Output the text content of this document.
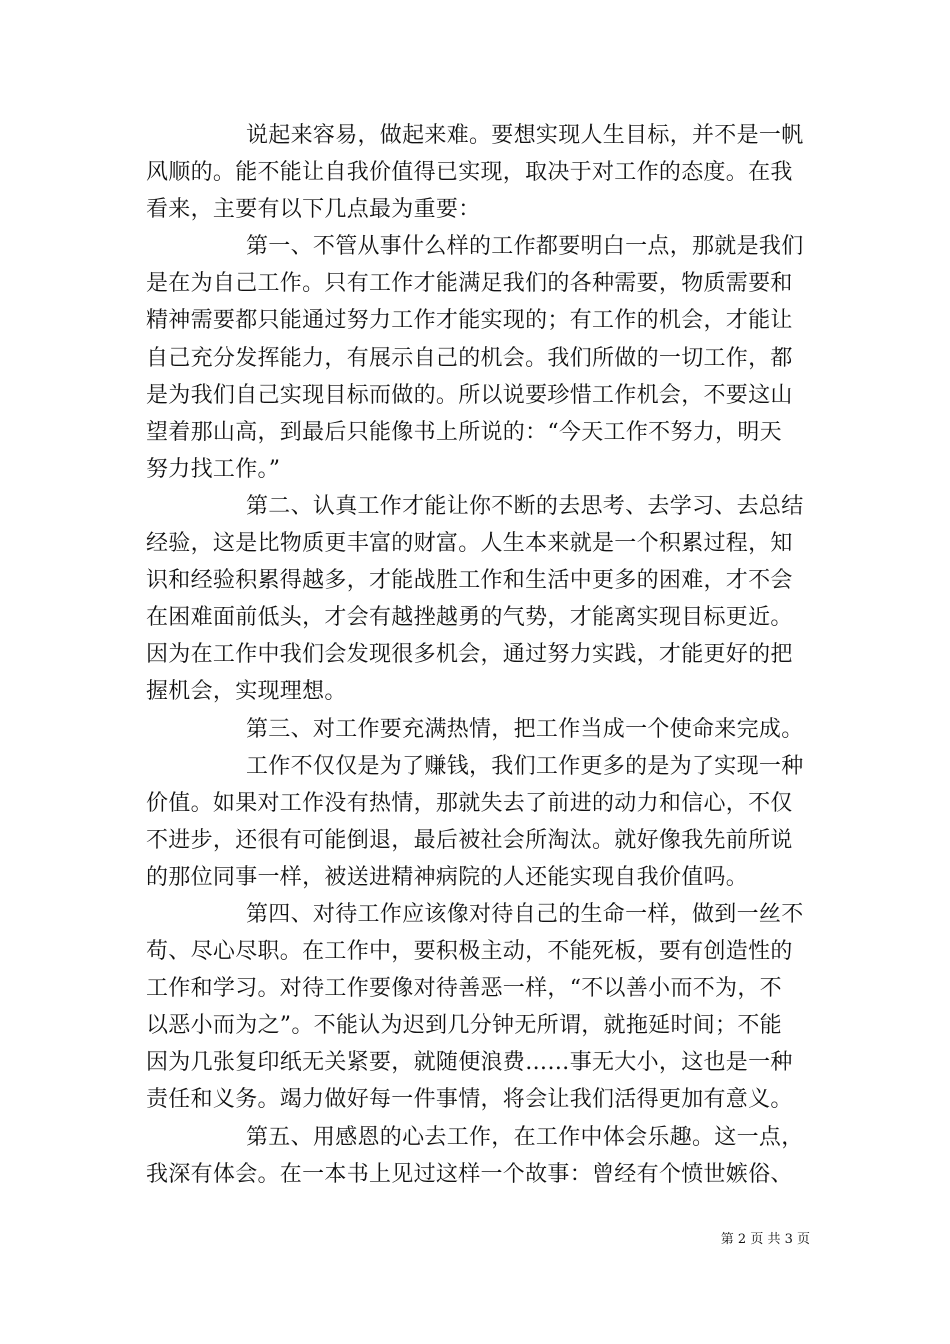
说起来容易，做起来难。要想实现人生目标，并不是一帆
风顺的。能不能让自我价值得已实现，取决于对工作的态度。在我
看来，主要有以下几点最为重要：
第一、不管从事什么样的工作都要明白一点，那就是我们
是在为自己工作。只有工作才能满足我们的各种需要，物质需要和
精神需要都只能通过努力工作才能实现的；有工作的机会，才能让
自己充分发挥能力，有展示自己的机会。我们所做的一切工作，都
是为我们自己实现目标而做的。所以说要珍惜工作机会，不要这山
望着那山高，到最后只能像书上所说的：“今天工作不努力，明天
努力找工作。”
第二、认真工作才能让你不断的去思考、去学习、去总结
经验，这是比物质更丰富的财富。人生本来就是一个积累过程，知
识和经验积累得越多，才能战胜工作和生活中更多的困难，才不会
在困难面前低头，才会有越挫越勇的气势，才能离实现目标更近。
因为在工作中我们会发现很多机会，通过努力实践，才能更好的把
握机会，实现理想。
第三、对工作要充满热情，把工作当成一个使命来完成。
工作不仅仅是为了赚钱，我们工作更多的是为了实现一种
价值。如果对工作没有热情，那就失去了前进的动力和信心，不仅
不进步，还很有可能倒退，最后被社会所淘汰。就好像我先前所说
的那位同事一样，被送进精神病院的人还能实现自我价值吗。
第四、对待工作应该像对待自己的生命一样，做到一丝不
苟、尽心尽职。在工作中，要积极主动，不能死板，要有创造性的
工作和学习。对待工作要像对待善恶一样，“不以善小而不为，不
以恶小而为之”。不能认为迟到几分钟无所谓，就拖延时间；不能
因为几张复印纸无关紧要，就随便浪费……事无大小，这也是一种
责任和义务。竭力做好每一件事情，将会让我们活得更加有意义。
第五、用感恩的心去工作，在工作中体会乐趣。这一点，
我深有体会。在一本书上见过这样一个故事：曾经有个愤世嫉俗、
第 2 页 共 3 页
